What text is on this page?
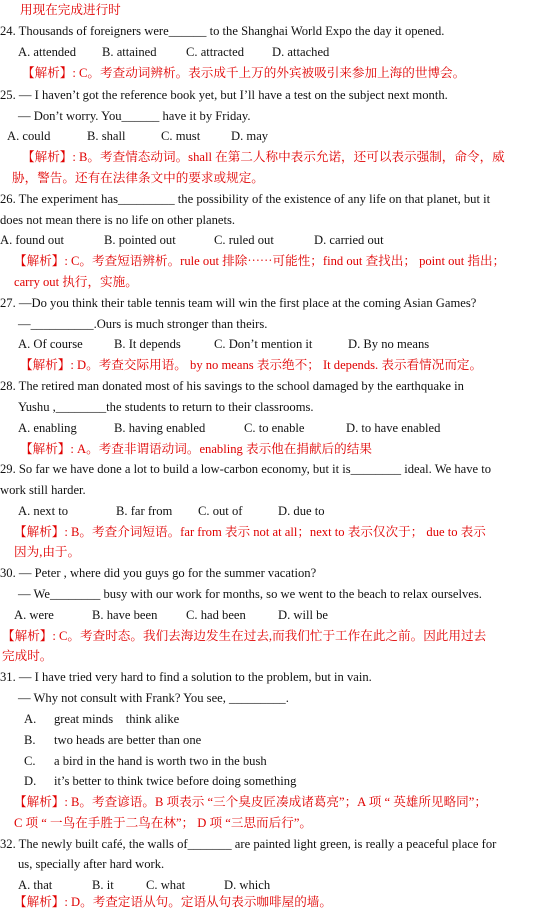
用现在完成进行时
24. Thousands of foreigners were______ to the Shanghai World Expo the day it opened.
A. attended B. attained C. attracted D. attached
【解析】: C。考查动词辨析。表示成千上万的外宾被吸引来参加上海的世博会。
25. — I haven’t got the reference book yet, but I’ll have a test on the subject next month.
— Don’t worry. You______ have it by Friday.
A. could	B. shall	C. must D. may
【解析】: B。考查情态动词。shall 在第二人称中表示允诺，还可以表示强制，命令，威
胁，警告。还有在法律条文中的要求或规定。
26. The experiment has_________ the possibility of the existence of any life on that planet, but it
does not mean there is no life on other planets.
A. found out	B. pointed out	C. ruled out	D. carried out
【解析】: C。考查短语辨析。rule out 排除⋯⋯可能性；find out 查找出； point out 指出；
carry out 执行，实施。
27. —Do you think their table tennis team will win the first place at the coming Asian Games?
—__________.Ours is much stronger than theirs.
A. Of course B. It depends	C. Don’t mention it	D. By no means
【解析】: D。考查交际用语。 by no means 表示绝不； It depends. 表示看情况而定。
28. The retired man donated most of his savings to the school damaged by the earthquake in
Yushu ,________the students to return to their classrooms.
A. enabling	B. having enabled	C. to enable	D. to have enabled
【解析】: A。考查非谓语动词。enabling 表示他在捐献后的结果
29. So far we have done a lot to build a low-carbon economy, but it is________ ideal. We have to
work still harder.
A. next to	B. far from C. out of	D. due to
【解析】: B。考查介词短语。far from 表示 not at all；next to 表示仅次于； due to 表示
因为,由于。
30. — Peter , where did you guys go for the summer vacation?
— We________ busy with our work for months, so we went to the beach to relax ourselves.
A. were	B. have been C. had been	D. will be
【解析】: C。考查时态。我们去海边发生在过去,而我们忙于工作在此之前。因此用过去
完成时。
31. — I have tried very hard to find a solution to the problem, but in vain.
— Why not consult with Frank? You see, _________.
A. great minds    think alike
B. two heads are better than one
C. a bird in the hand is worth two in the bush
D. it’s better to think twice before doing something
【解析】: B。考查谚语。B 项表示 “三个臭皮匠凑成诸葛亮”；A 项 “ 英雄所见略同”；
C 项 “ 一鸟在手胜于二鸟在林”； D 项 “三思而后行”。
32. The newly built café, the walls of_______ are painted light green, is really a peaceful place for
us, specially after hard work.
A. that	B. it	C. what	D. which
【解析】: D。考查定语从句。定语从句表示咖啡屋的墙。
